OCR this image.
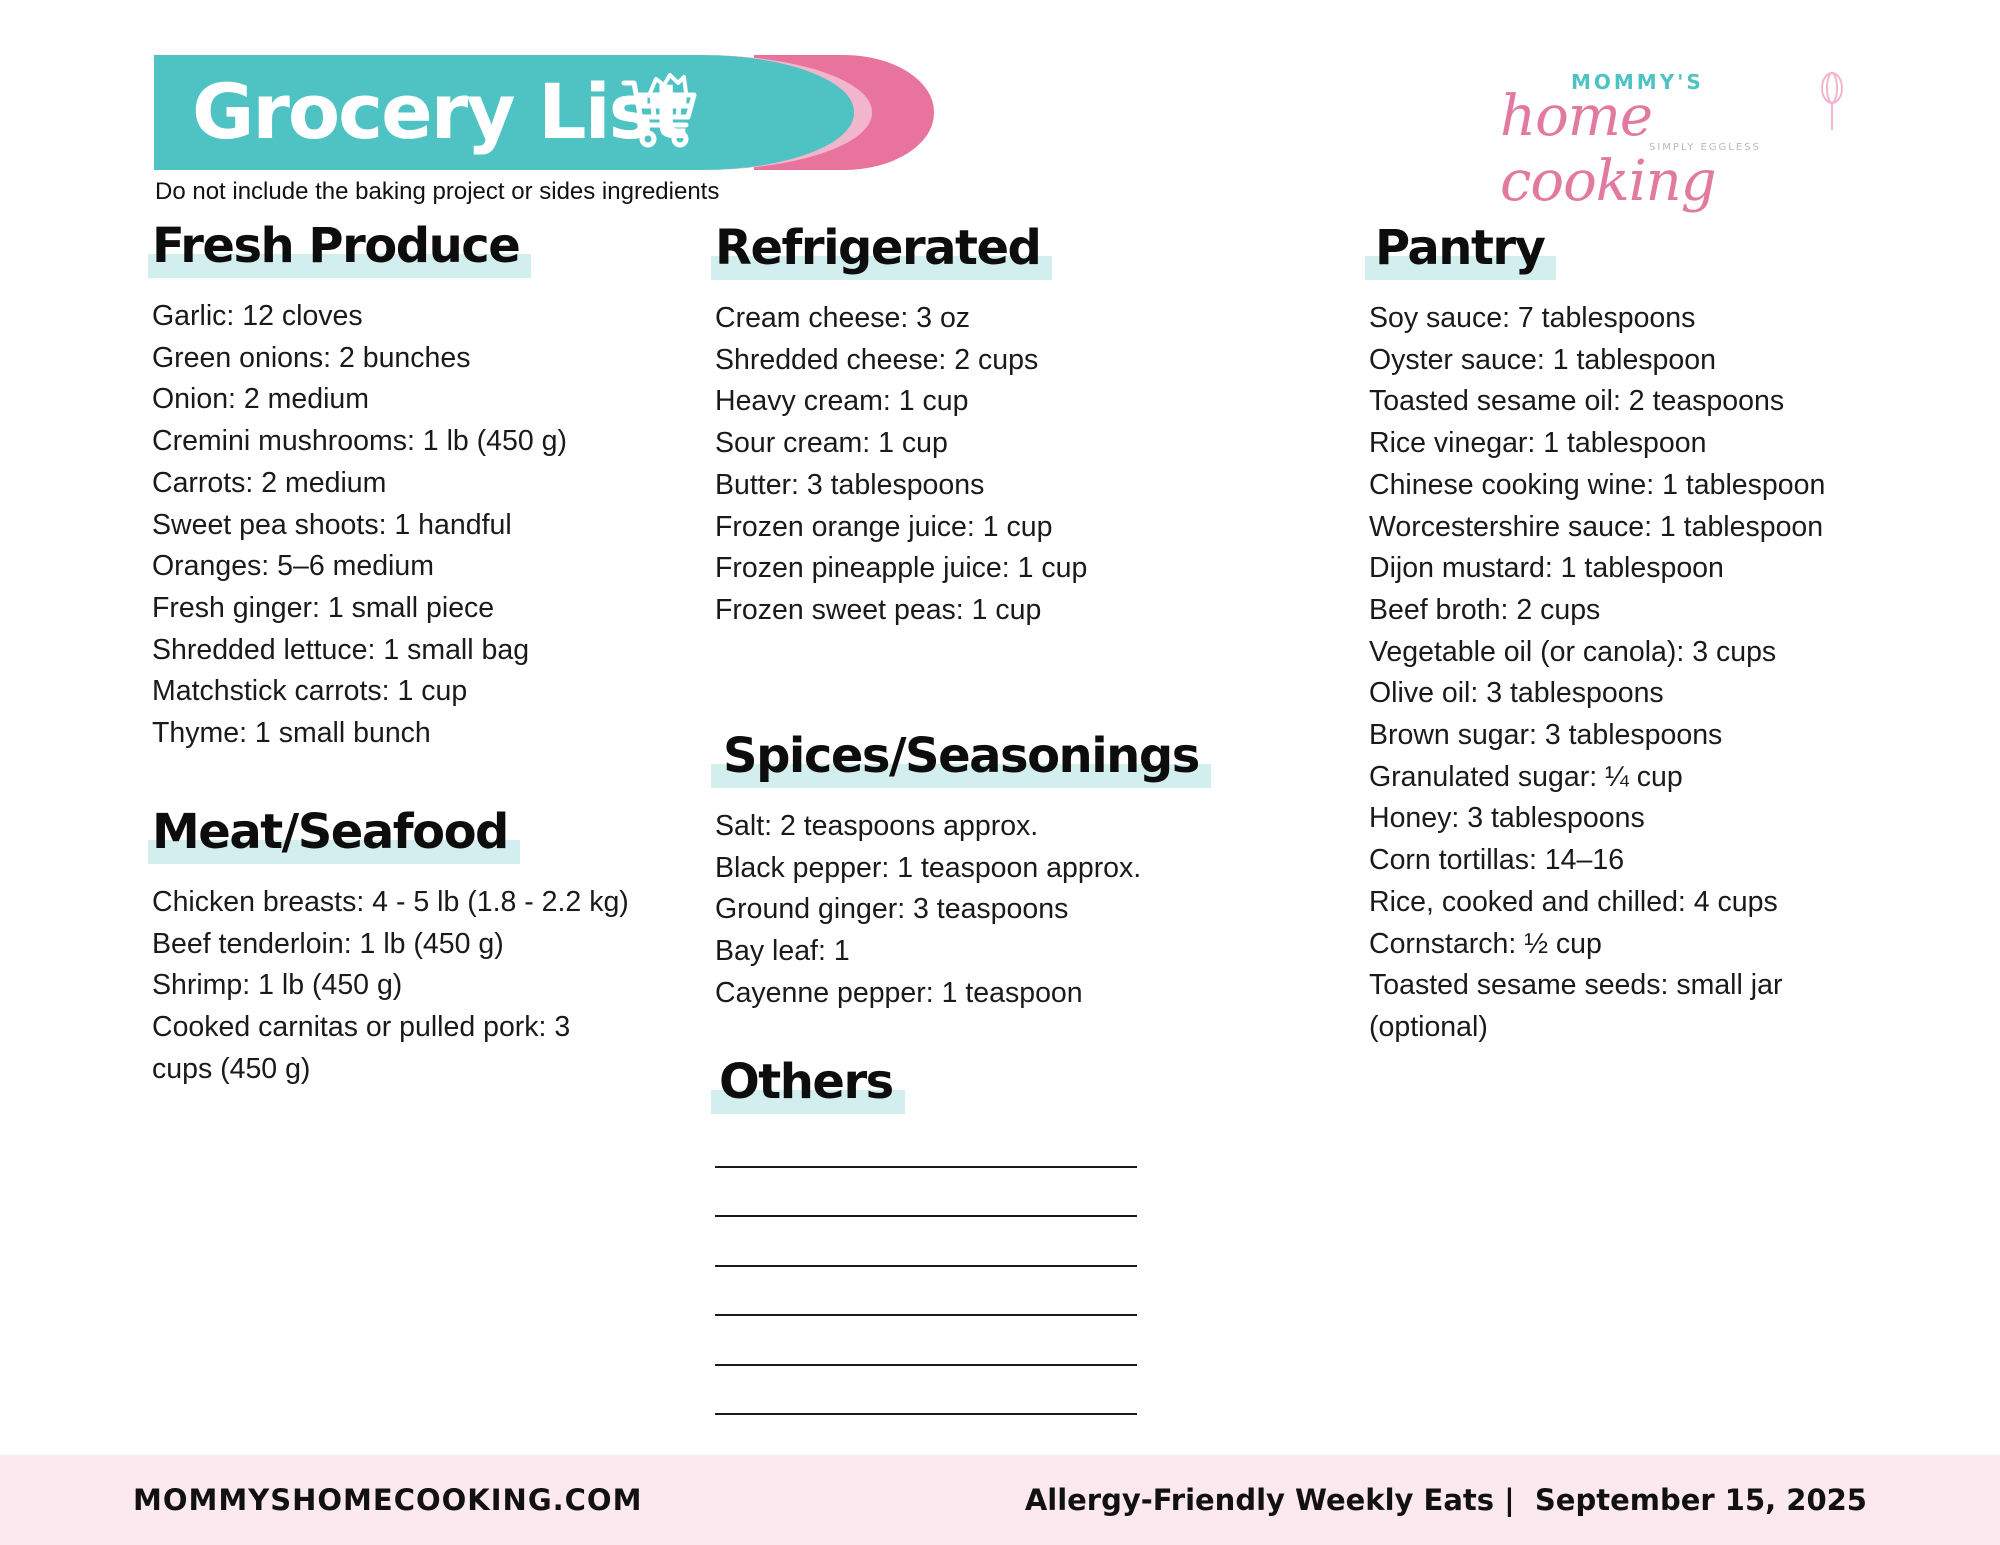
Grocery List
Do not include the baking project or sides ingredients
MOMMY'S
home cooking
SIMPLY EGGLESS
Fresh Produce
Garlic: 12 cloves
Green onions: 2 bunches
Onion: 2 medium
Cremini mushrooms: 1 lb (450 g)
Carrots: 2 medium
Sweet pea shoots: 1 handful
Oranges: 5–6 medium
Fresh ginger: 1 small piece
Shredded lettuce: 1 small bag
Matchstick carrots: 1 cup
Thyme: 1 small bunch
Meat/Seafood
Chicken breasts: 4 - 5 lb (1.8 - 2.2 kg)
Beef tenderloin: 1 lb (450 g)
Shrimp: 1 lb (450 g)
Cooked carnitas or pulled pork: 3 cups (450 g)
Refrigerated
Cream cheese: 3 oz
Shredded cheese: 2 cups
Heavy cream: 1 cup
Sour cream: 1 cup
Butter: 3 tablespoons
Frozen orange juice: 1 cup
Frozen pineapple juice: 1 cup
Frozen sweet peas: 1 cup
Spices/Seasonings
Salt: 2 teaspoons approx.
Black pepper: 1 teaspoon approx.
Ground ginger: 3 teaspoons
Bay leaf: 1
Cayenne pepper: 1 teaspoon
Others
Pantry
Soy sauce: 7 tablespoons
Oyster sauce: 1 tablespoon
Toasted sesame oil: 2 teaspoons
Rice vinegar: 1 tablespoon
Chinese cooking wine: 1 tablespoon
Worcestershire sauce: 1 tablespoon
Dijon mustard: 1 tablespoon
Beef broth: 2 cups
Vegetable oil (or canola): 3 cups
Olive oil: 3 tablespoons
Brown sugar: 3 tablespoons
Granulated sugar: ¼ cup
Honey: 3 tablespoons
Corn tortillas: 14–16
Rice, cooked and chilled: 4 cups
Cornstarch: ½ cup
Toasted sesame seeds: small jar (optional)
MOMMYSHOMECOOKING.COM	Allergy-Friendly Weekly Eats |  September 15, 2025
